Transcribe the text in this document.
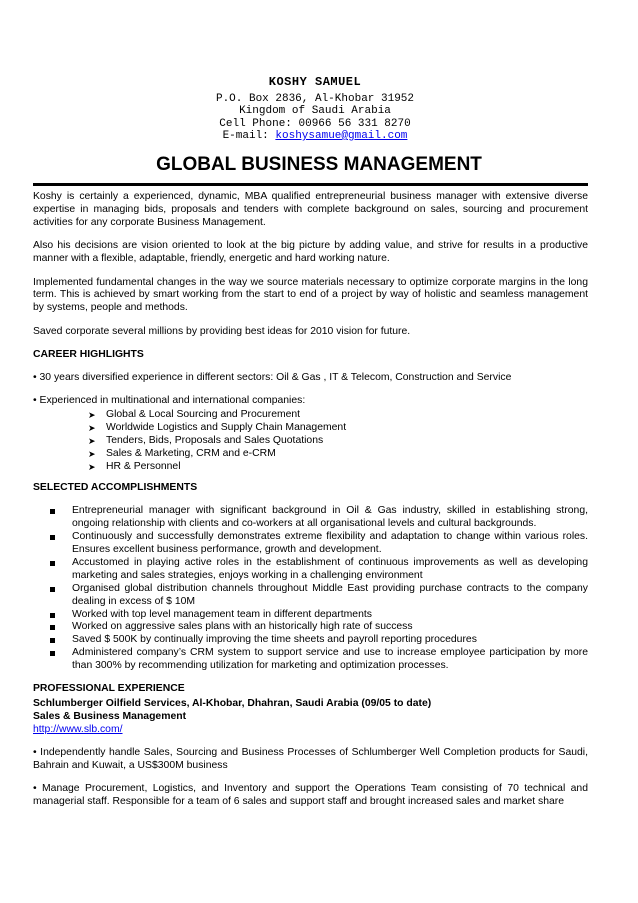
KOSHY SAMUEL
P.O. Box 2836, Al-Khobar 31952
Kingdom of Saudi Arabia
Cell Phone: 00966 56 331 8270
E-mail: koshysamue@gmail.com
GLOBAL BUSINESS MANAGEMENT

Koshy is certainly a experienced, dynamic, MBA qualified entrepreneurial business manager with extensive diverse expertise in managing bids, proposals and tenders with complete background on sales, sourcing and procurement activities for any corporate Business Management.

Also his decisions are vision oriented to look at the big picture by adding value, and strive for results in a productive manner with a flexible, adaptable, friendly, energetic and hard working nature.

Implemented fundamental changes in the way we source materials necessary to optimize corporate margins in the long term. This is achieved by smart working from the start to end of a project by way of holistic and seamless management by systems, people and methods.

Saved corporate several millions by providing best ideas for 2010 vision for future.

CAREER HIGHLIGHTS

• 30 years diversified experience in different sectors: Oil & Gas , IT & Telecom, Construction and Service

• Experienced in multinational and international companies:

➤ Global & Local Sourcing and Procurement
➤ Worldwide Logistics and Supply Chain Management
➤ Tenders, Bids, Proposals and Sales Quotations
➤ Sales & Marketing, CRM and e-CRM
➤ HR & Personnel
SELECTED ACCOMPLISHMENTS
Entrepreneurial manager with significant background in Oil & Gas industry, skilled in establishing strong, ongoing relationship with clients and co-workers at all organisational levels and cultural backgrounds.
Continuously and successfully demonstrates extreme flexibility and adaptation to change within various roles. Ensures excellent business performance, growth and development.
Accustomed in playing active roles in the establishment of continuous improvements as well as developing marketing and sales strategies, enjoys working in a challenging environment
Organised global distribution channels throughout Middle East providing purchase contracts to the company dealing in excess of $ 10M
Worked with top level management team in different departments
Worked on aggressive sales plans with an historically high rate of success
Saved $ 500K by continually improving the time sheets and payroll reporting procedures
Administered company’s CRM system to support service and use to increase employee participation by more than 300% by recommending utilization for marketing and optimization processes.
PROFESSIONAL EXPERIENCE
Schlumberger Oilfield Services, Al-Khobar, Dhahran, Saudi Arabia (09/05 to date)
Sales & Business Management
http://www.slb.com/

• Independently handle Sales, Sourcing and Business Processes of Schlumberger Well Completion products for Saudi, Bahrain and Kuwait, a US$300M business

• Manage Procurement, Logistics, and Inventory and support the Operations Team consisting of 70 technical and managerial staff. Responsible for a team of 6 sales and support staff and brought increased sales and market share
